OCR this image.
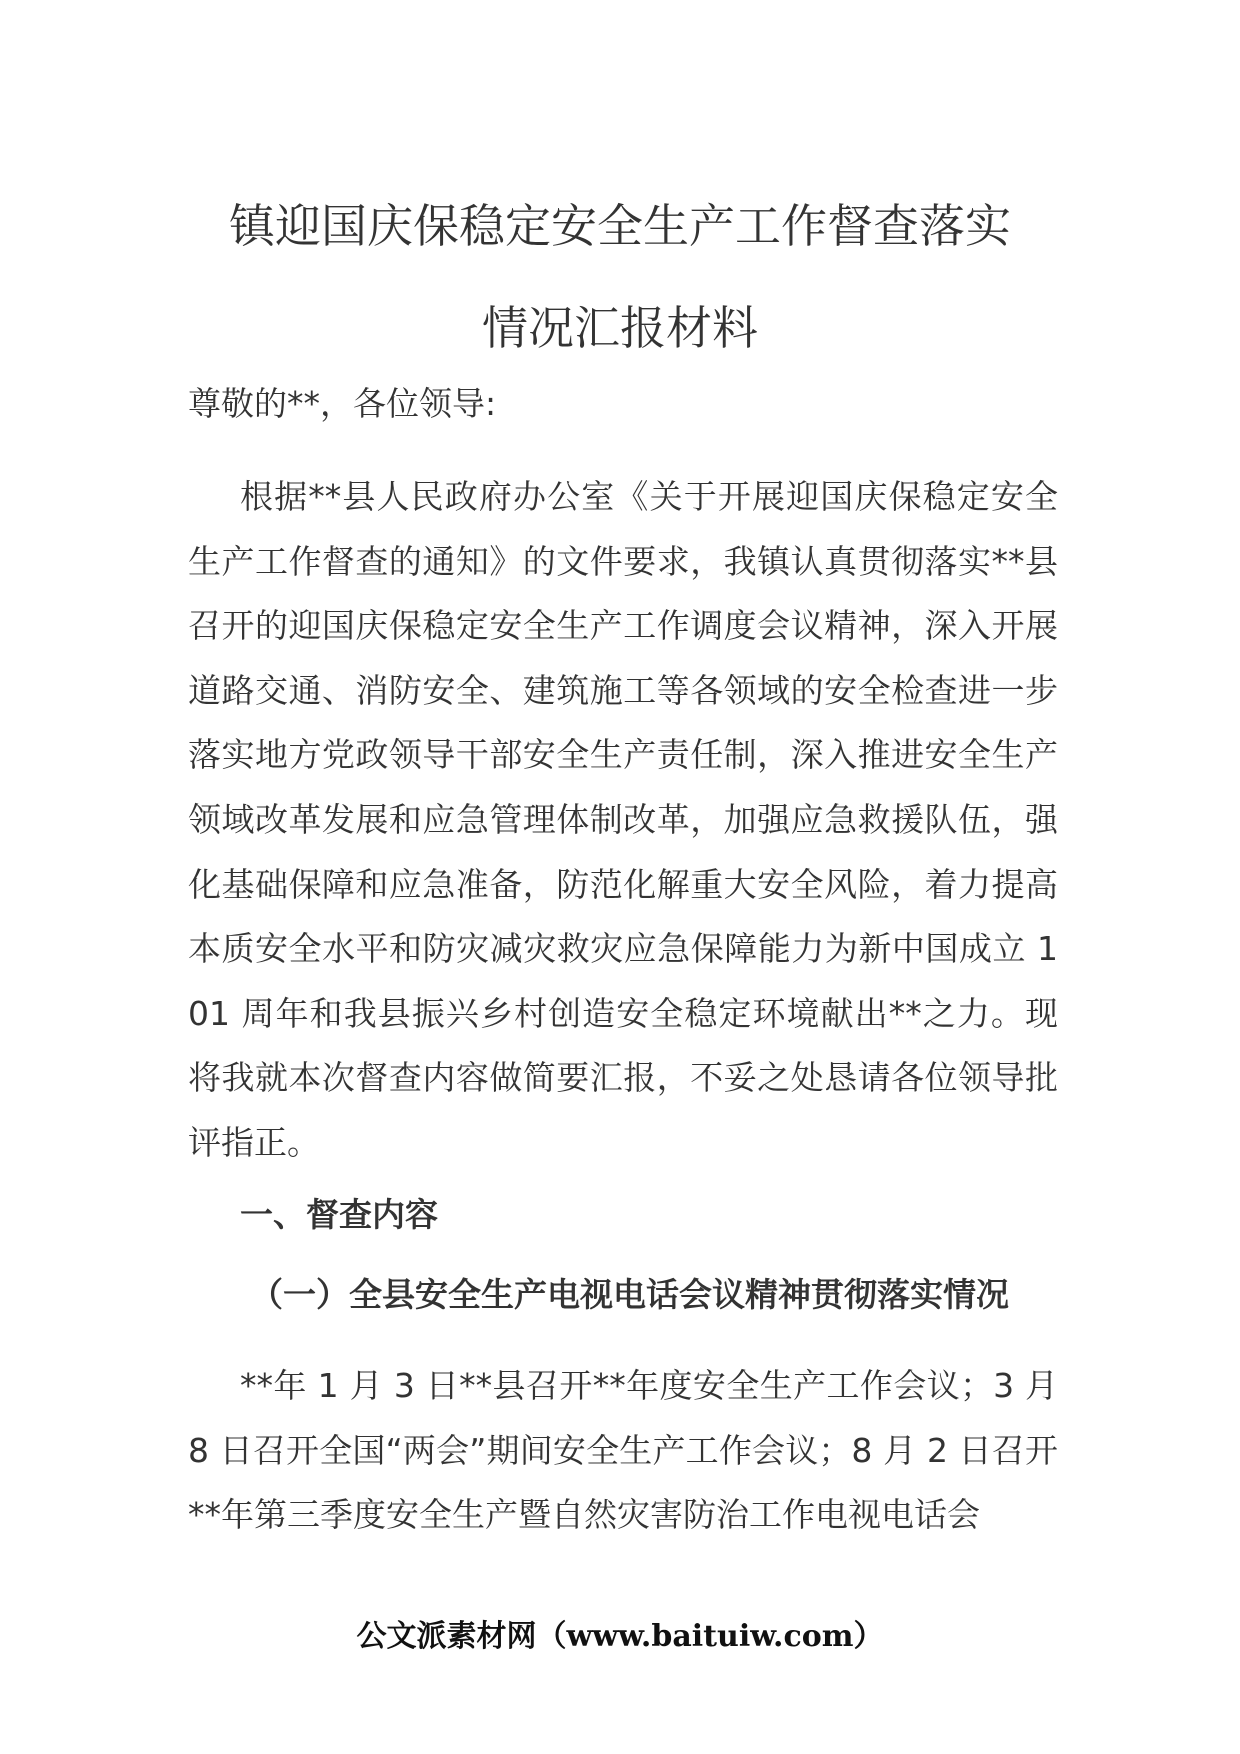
镇迎国庆保稳定安全生产工作督查落实
情况汇报材料
尊敬的**，各位领导:
根据**县人民政府办公室《关于开展迎国庆保稳定安全生产工作督查的通知》的文件要求，我镇认真贯彻落实**县召开的迎国庆保稳定安全生产工作调度会议精神，深入开展道路交通、消防安全、建筑施工等各领域的安全检查进一步落实地方党政领导干部安全生产责任制，深入推进安全生产领域改革发展和应急管理体制改革，加强应急救援队伍，强化基础保障和应急准备，防范化解重大安全风险，着力提高本质安全水平和防灾减灾救灾应急保障能力为新中国成立 101 周年和我县振兴乡村创造安全稳定环境献出**之力。现将我就本次督查内容做简要汇报，不妥之处恳请各位领导批评指正。
一、督查内容
（一）全县安全生产电视电话会议精神贯彻落实情况
**年 1 月 3 日**县召开**年度安全生产工作会议；3 月 8 日召开全国“两会”期间安全生产工作会议；8 月 2 日召开**年第三季度安全生产暨自然灾害防治工作电视电话会
公文派素材网（www.baituiw.com）
